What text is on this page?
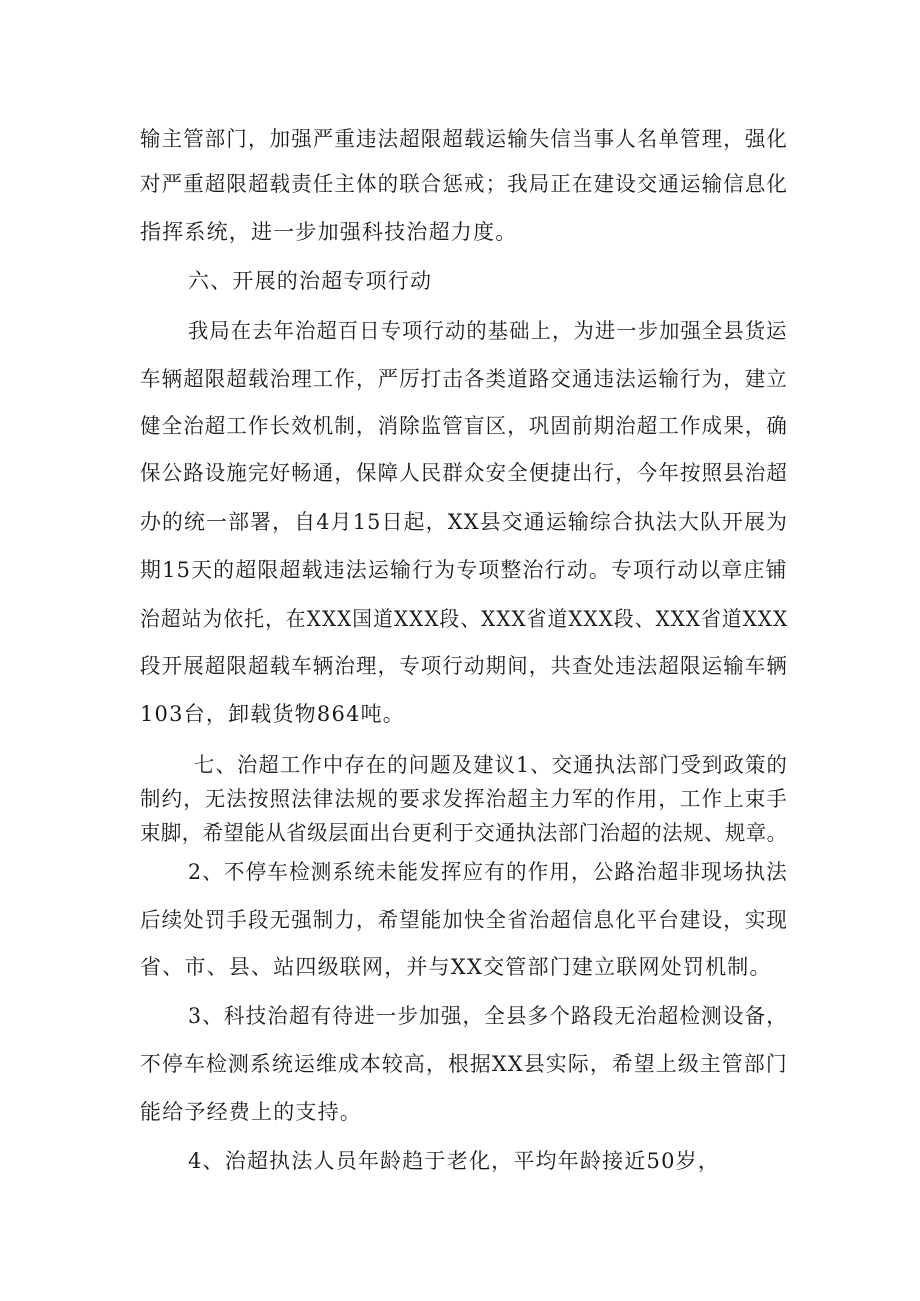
输主管部门，加强严重违法超限超载运输失信当事人名单管理，强化
对严重超限超载责任主体的联合惩戒；我局正在建设交通运输信息化
指挥系统，进一步加强科技治超力度。
六、开展的治超专项行动
我局在去年治超百日专项行动的基础上，为进一步加强全县货运
车辆超限超载治理工作，严厉打击各类道路交通违法运输行为，建立
健全治超工作长效机制，消除监管盲区，巩固前期治超工作成果，确
保公路设施完好畅通，保障人民群众安全便捷出行，今年按照县治超
办的统一部署，自4月15日起，XX县交通运输综合执法大队开展为
期15天的超限超载违法运输行为专项整治行动。专项行动以章庄铺
治超站为依托，在XXX国道XXX段、XXX省道XXX段、XXX省道XXX
段开展超限超载车辆治理，专项行动期间，共查处违法超限运输车辆
103台，卸载货物864吨。
七、治超工作中存在的问题及建议1、交通执法部门受到政策的
制约，无法按照法律法规的要求发挥治超主力军的作用，工作上束手
束脚，希望能从省级层面出台更利于交通执法部门治超的法规、规章。
2、不停车检测系统未能发挥应有的作用，公路治超非现场执法
后续处罚手段无强制力，希望能加快全省治超信息化平台建设，实现
省、市、县、站四级联网，并与XX交管部门建立联网处罚机制。
3、科技治超有待进一步加强，全县多个路段无治超检测设备，
不停车检测系统运维成本较高，根据XX县实际，希望上级主管部门
能给予经费上的支持。
4、治超执法人员年龄趋于老化，平均年龄接近50岁，
